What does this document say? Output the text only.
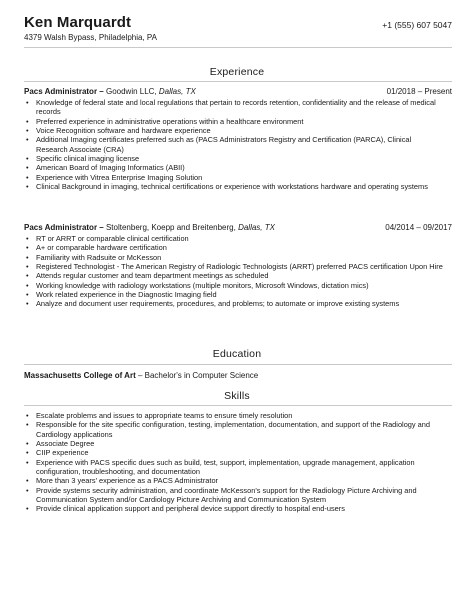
Ken Marquardt
4379 Walsh Bypass, Philadelphia, PA
+1 (555) 607 5047
Experience
Pacs Administrator – Goodwin LLC, Dallas, TX	01/2018 – Present
• Knowledge of federal state and local regulations that pertain to records retention, confidentiality and the release of medical records
• Preferred experience in administrative operations within a healthcare environment
• Voice Recognition software and hardware experience
• Additional Imaging certificates preferred such as (PACS Administrators Registry and Certification (PARCA), Clinical Research Associate (CRA)
• Specific clinical imaging license
• American Board of Imaging Informatics (ABII)
• Experience with Vitrea Enterprise Imaging Solution
• Clinical Background in imaging, technical certifications or experience with workstations hardware and operating systems
Pacs Administrator – Stoltenberg, Koepp and Breitenberg, Dallas, TX	04/2014 – 09/2017
• RT or ARRT or comparable clinical certification
• A+ or comparable hardware certification
• Familiarity with Radsuite or McKesson
• Registered Technologist - The American Registry of Radiologic Technologists (ARRT) preferred PACS certification Upon Hire
• Attends regular customer and team department meetings as scheduled
• Working knowledge with radiology workstations (multiple monitors, Microsoft Windows, dictation mics)
• Work related experience in the Diagnostic Imaging field
• Analyze and document user requirements, procedures, and problems; to automate or improve existing systems
Education
Massachusetts College of Art – Bachelor's in Computer Science
Skills
• Escalate problems and issues to appropriate teams to ensure timely resolution
• Responsible for the site specific configuration, testing, implementation, documentation, and support of the Radiology and Cardiology applications
• Associate Degree
• CIIP experience
• Experience with PACS specific dues such as build, test, support, implementation, upgrade management, application configuration, troubleshooting, and documentation
• More than 3 years' experience as a PACS Administrator
• Provide systems security administration, and coordinate McKesson's support for the Radiology Picture Archiving and Communication System and/or Cardiology Picture Archiving and Communication System
• Provide clinical application support and peripheral device support directly to hospital end-users
